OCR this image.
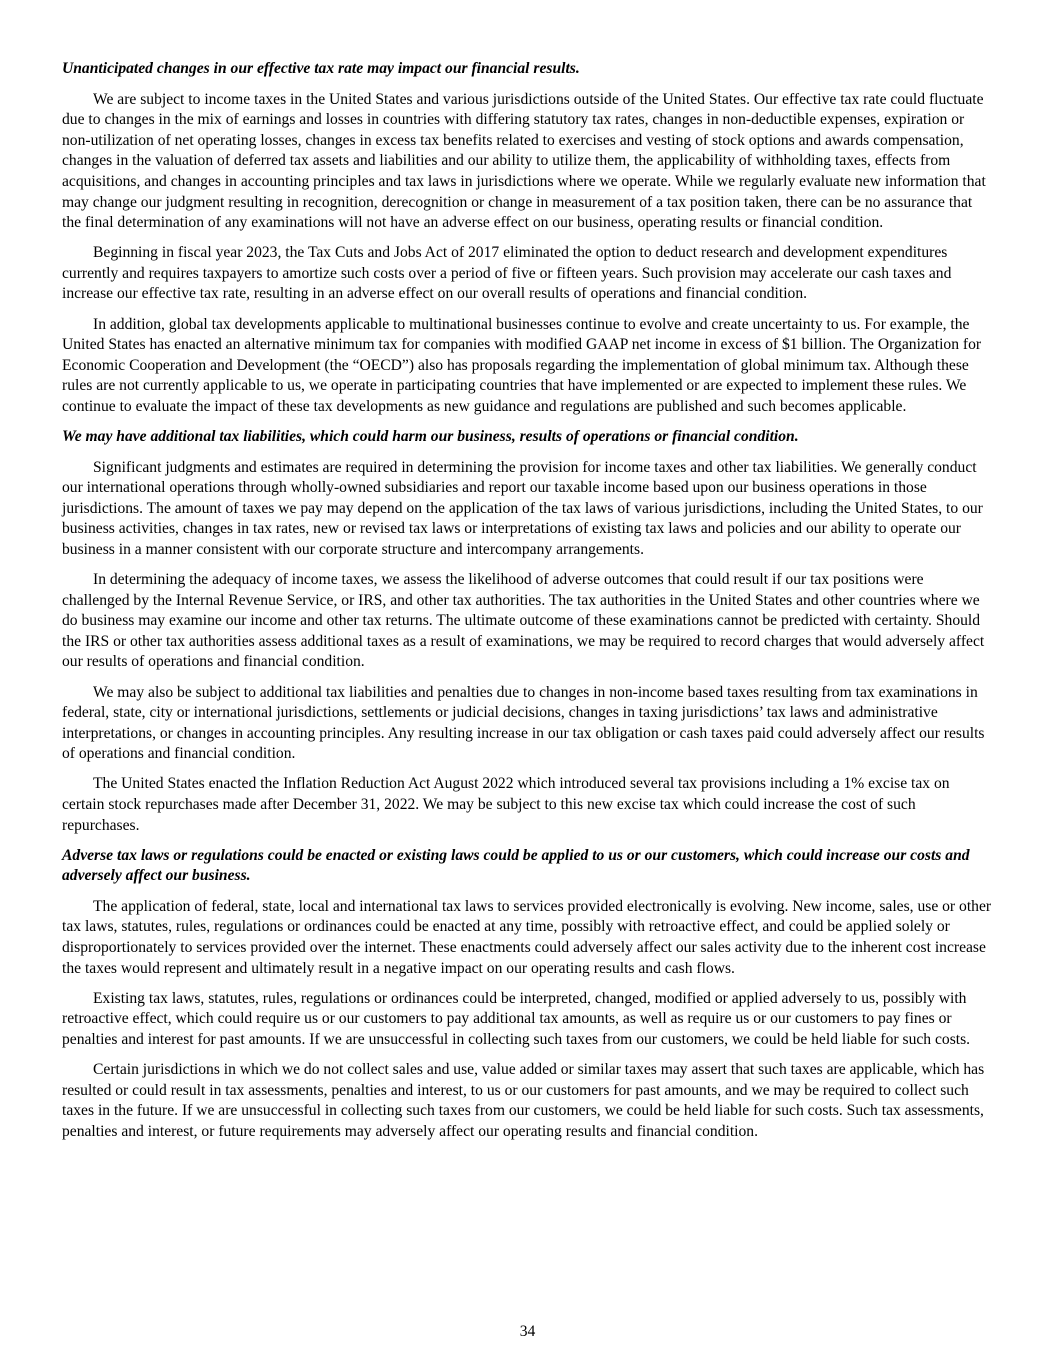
Unanticipated changes in our effective tax rate may impact our financial results.

We are subject to income taxes in the United States and various jurisdictions outside of the United States. Our effective tax rate could fluctuate due to changes in the mix of earnings and losses in countries with differing statutory tax rates, changes in non-deductible expenses, expiration or non-utilization of net operating losses, changes in excess tax benefits related to exercises and vesting of stock options and awards compensation, changes in the valuation of deferred tax assets and liabilities and our ability to utilize them, the applicability of withholding taxes, effects from acquisitions, and changes in accounting principles and tax laws in jurisdictions where we operate. While we regularly evaluate new information that may change our judgment resulting in recognition, derecognition or change in measurement of a tax position taken, there can be no assurance that the final determination of any examinations will not have an adverse effect on our business, operating results or financial condition.

Beginning in fiscal year 2023, the Tax Cuts and Jobs Act of 2017 eliminated the option to deduct research and development expenditures currently and requires taxpayers to amortize such costs over a period of five or fifteen years. Such provision may accelerate our cash taxes and increase our effective tax rate, resulting in an adverse effect on our overall results of operations and financial condition.

In addition, global tax developments applicable to multinational businesses continue to evolve and create uncertainty to us. For example, the United States has enacted an alternative minimum tax for companies with modified GAAP net income in excess of $1 billion. The Organization for Economic Cooperation and Development (the “OECD”) also has proposals regarding the implementation of global minimum tax. Although these rules are not currently applicable to us, we operate in participating countries that have implemented or are expected to implement these rules. We continue to evaluate the impact of these tax developments as new guidance and regulations are published and such becomes applicable.

We may have additional tax liabilities, which could harm our business, results of operations or financial condition.

Significant judgments and estimates are required in determining the provision for income taxes and other tax liabilities. We generally conduct our international operations through wholly-owned subsidiaries and report our taxable income based upon our business operations in those jurisdictions. The amount of taxes we pay may depend on the application of the tax laws of various jurisdictions, including the United States, to our business activities, changes in tax rates, new or revised tax laws or interpretations of existing tax laws and policies and our ability to operate our business in a manner consistent with our corporate structure and intercompany arrangements.

In determining the adequacy of income taxes, we assess the likelihood of adverse outcomes that could result if our tax positions were challenged by the Internal Revenue Service, or IRS, and other tax authorities. The tax authorities in the United States and other countries where we do business may examine our income and other tax returns. The ultimate outcome of these examinations cannot be predicted with certainty. Should the IRS or other tax authorities assess additional taxes as a result of examinations, we may be required to record charges that would adversely affect our results of operations and financial condition.

We may also be subject to additional tax liabilities and penalties due to changes in non-income based taxes resulting from tax examinations in federal, state, city or international jurisdictions, settlements or judicial decisions, changes in taxing jurisdictions’ tax laws and administrative interpretations, or changes in accounting principles. Any resulting increase in our tax obligation or cash taxes paid could adversely affect our results of operations and financial condition.

The United States enacted the Inflation Reduction Act August 2022 which introduced several tax provisions including a 1% excise tax on certain stock repurchases made after December 31, 2022. We may be subject to this new excise tax which could increase the cost of such repurchases.

Adverse tax laws or regulations could be enacted or existing laws could be applied to us or our customers, which could increase our costs and adversely affect our business.

The application of federal, state, local and international tax laws to services provided electronically is evolving. New income, sales, use or other tax laws, statutes, rules, regulations or ordinances could be enacted at any time, possibly with retroactive effect, and could be applied solely or disproportionately to services provided over the internet. These enactments could adversely affect our sales activity due to the inherent cost increase the taxes would represent and ultimately result in a negative impact on our operating results and cash flows.

Existing tax laws, statutes, rules, regulations or ordinances could be interpreted, changed, modified or applied adversely to us, possibly with retroactive effect, which could require us or our customers to pay additional tax amounts, as well as require us or our customers to pay fines or penalties and interest for past amounts. If we are unsuccessful in collecting such taxes from our customers, we could be held liable for such costs.

Certain jurisdictions in which we do not collect sales and use, value added or similar taxes may assert that such taxes are applicable, which has resulted or could result in tax assessments, penalties and interest, to us or our customers for past amounts, and we may be required to collect such taxes in the future. If we are unsuccessful in collecting such taxes from our customers, we could be held liable for such costs. Such tax assessments, penalties and interest, or future requirements may adversely affect our operating results and financial condition.

34
